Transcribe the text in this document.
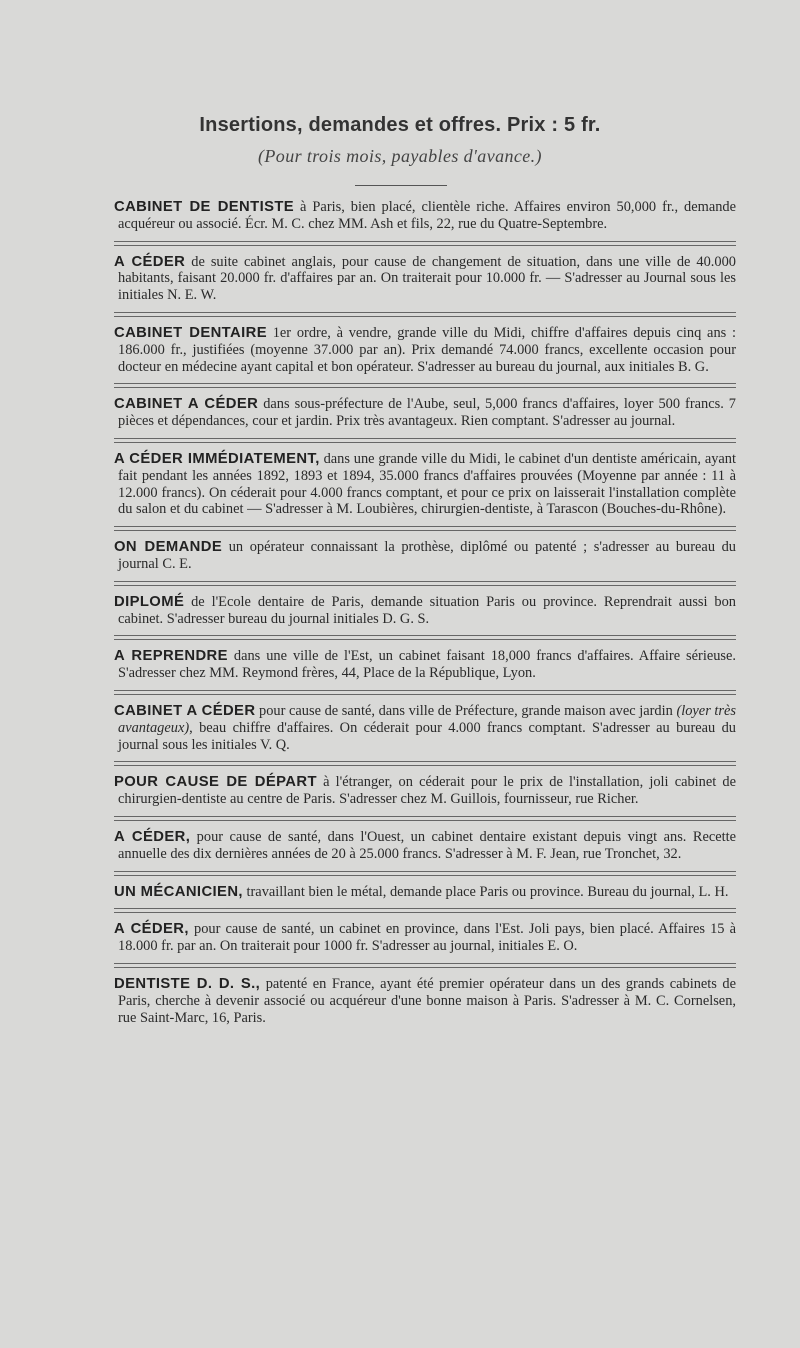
Insertions, demandes et offres. Prix : 5 fr.
(Pour trois mois, payables d'avance.)

CABINET DE DENTISTE à Paris, bien placé, clientèle riche. Affaires environ 50,000 fr., demande acquéreur ou associé. Écr. M. C. chez MM. Ash et fils, 22, rue du Quatre-Septembre.

A CÉDER de suite cabinet anglais, pour cause de changement de situation, dans une ville de 40.000 habitants, faisant 20.000 fr. d'affaires par an. On traiterait pour 10.000 fr. — S'adresser au Journal sous les initiales N. E. W.

CABINET DENTAIRE 1er ordre, à vendre, grande ville du Midi, chiffre d'affaires depuis cinq ans : 186.000 fr., justifiées (moyenne 37.000 par an). Prix demandé 74.000 francs, excellente occasion pour docteur en médecine ayant capital et bon opérateur. S'adresser au bureau du journal, aux initiales B. G.

CABINET A CÉDER dans sous-préfecture de l'Aube, seul, 5,000 francs d'affaires, loyer 500 francs. 7 pièces et dépendances, cour et jardin. Prix très avantageux. Rien comptant. S'adresser au journal.

A CÉDER IMMÉDIATEMENT, dans une grande ville du Midi, le cabinet d'un dentiste américain, ayant fait pendant les années 1892, 1893 et 1894, 35.000 francs d'affaires prouvées (Moyenne par année : 11 à 12.000 francs). On céderait pour 4.000 francs comptant, et pour ce prix on laisserait l'installation complète du salon et du cabinet — S'adresser à M. Loubières, chirurgien-dentiste, à Tarascon (Bouches-du-Rhône).

ON DEMANDE un opérateur connaissant la prothèse, diplômé ou patenté ; s'adresser au bureau du journal C. E.

DIPLOMÉ de l'Ecole dentaire de Paris, demande situation Paris ou province. Reprendrait aussi bon cabinet. S'adresser bureau du journal initiales D. G. S.

A REPRENDRE dans une ville de l'Est, un cabinet faisant 18,000 francs d'affaires. Affaire sérieuse. S'adresser chez MM. Reymond frères, 44, Place de la République, Lyon.

CABINET A CÉDER pour cause de santé, dans ville de Préfecture, grande maison avec jardin (loyer très avantageux), beau chiffre d'affaires. On céderait pour 4.000 francs comptant. S'adresser au bureau du journal sous les initiales V. Q.

POUR CAUSE DE DÉPART à l'étranger, on céderait pour le prix de l'installation, joli cabinet de chirurgien-dentiste au centre de Paris. S'adresser chez M. Guillois, fournisseur, rue Richer.

A CÉDER, pour cause de santé, dans l'Ouest, un cabinet dentaire existant depuis vingt ans. Recette annuelle des dix dernières années de 20 à 25.000 francs. S'adresser à M. F. Jean, rue Tronchet, 32.

UN MÉCANICIEN, travaillant bien le métal, demande place Paris ou province. Bureau du journal, L. H.

A CÉDER, pour cause de santé, un cabinet en province, dans l'Est. Joli pays, bien placé. Affaires 15 à 18.000 fr. par an. On traiterait pour 1000 fr. S'adresser au journal, initiales E. O.

DENTISTE D. D. S., patenté en France, ayant été premier opérateur dans un des grands cabinets de Paris, cherche à devenir associé ou acquéreur d'une bonne maison à Paris. S'adresser à M. C. Cornelsen, rue Saint-Marc, 16, Paris.
